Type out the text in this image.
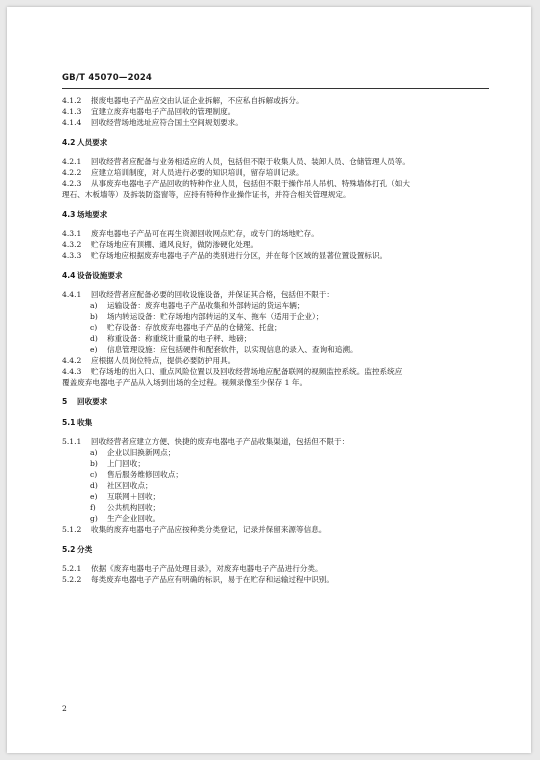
GB/T 45070—2024
4.1.2 报废电器电子产品应交由认证企业拆解，不应私自拆解或拆分。
4.1.3 宜建立废弃电器电子产品回收的管理制度。
4.1.4 回收经营场地选址应符合国土空间规划要求。
4.2 人员要求
4.2.1 回收经营者应配备与业务相适应的人员，包括但不限于收集人员、装卸人员、仓储管理人员等。
4.2.2 应建立培训制度，对人员进行必要的知识培训，留存培训记录。
4.2.3 从事废弃电器电子产品回收的特种作业人员，包括但不限于操作吊人吊机、特殊墙体打孔（如大
理石、木板墙等）及拆装防盗窗等，应持有特种作业操作证书，并符合相关管理规定。
4.3 场地要求
4.3.1 废弃电器电子产品可在再生资源回收网点贮存，或专门的场地贮存。
4.3.2 贮存场地应有顶棚、通风良好，做防渗硬化处理。
4.3.3 贮存场地应根据废弃电器电子产品的类别进行分区，并在每个区域的显著位置设置标识。
4.4 设备设施要求
4.4.1 回收经营者应配备必要的回收设施设备，并保证其合格，包括但不限于：
a) 运输设备：废弃电器电子产品收集和外部转运的货运车辆；
b) 场内转运设备：贮存场地内部转运的叉车、拖车（适用于企业）；
c) 贮存设备：存放废弃电器电子产品的仓储笼、托盘；
d) 称重设备：称重统计重量的电子秤、地磅；
e) 信息管理设施：应包括硬件和配套软件，以实现信息的录入、查询和追溯。
4.4.2 应根据人员岗位特点，提供必要防护用具。
4.4.3 贮存场地的出入口、重点风险位置以及回收经营场地应配备联网的视频监控系统。监控系统应
覆盖废弃电器电子产品从入场到出场的全过程。视频录像至少保存 1 年。
5 回收要求
5.1 收集
5.1.1 回收经营者应建立方便、快捷的废弃电器电子产品收集渠道，包括但不限于：
a) 企业以旧换新网点；
b) 上门回收；
c) 售后服务维修回收点；
d) 社区回收点；
e) 互联网＋回收；
f) 公共机构回收；
g) 生产企业回收。
5.1.2 收集的废弃电器电子产品应按种类分类登记，记录并保留来源等信息。
5.2 分类
5.2.1 依据《废弃电器电子产品处理目录》，对废弃电器电子产品进行分类。
5.2.2 每类废弃电器电子产品应有明确的标识，易于在贮存和运输过程中识别。
2
